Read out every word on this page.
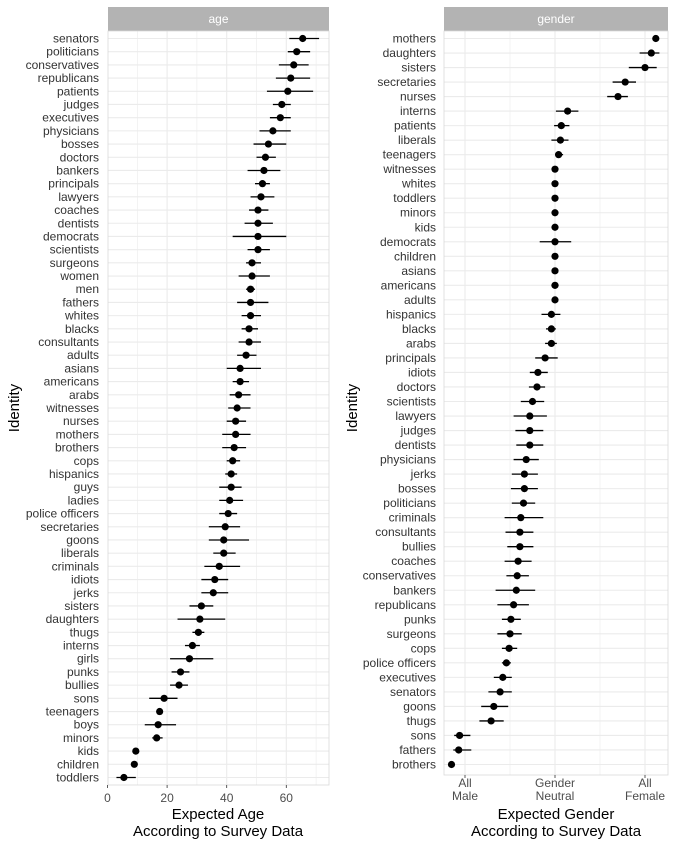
age
senators
politicians
conservatives
republicans
patients
judges
executives
physicians
bosses
doctors
bankers
principals
lawyers
coaches
dentists
democrats
scientists
surgeons
women
men
fathers
whites
blacks
consultants
adults
asians
americans
arabs
witnesses
nurses
mothers
brothers
cops
hispanics
guys
ladies
police officers
secretaries
goons
liberals
criminals
idiots
jerks
sisters
daughters
thugs
interns
girls
punks
bullies
sons
teenagers
boys
minors
kids
children
toddlers
0	20	40	60
Expected Age
According to Survey Data
Identity
gender
mothers
daughters
sisters
secretaries
nurses
interns
patients
liberals
teenagers
witnesses
whites
toddlers
minors
kids
democrats
children
asians
americans
adults
hispanics
blacks
arabs
principals
idiots
doctors
scientists
lawyers
judges
dentists
physicians
jerks
bosses
politicians
criminals
consultants
bullies
coaches
conservatives
bankers
republicans
punks
surgeons
cops
police officers
executives
senators
goons
thugs
sons
fathers
brothers
All
Male
Gender
Neutral
All
Female
Expected Gender
According to Survey Data
Identity
